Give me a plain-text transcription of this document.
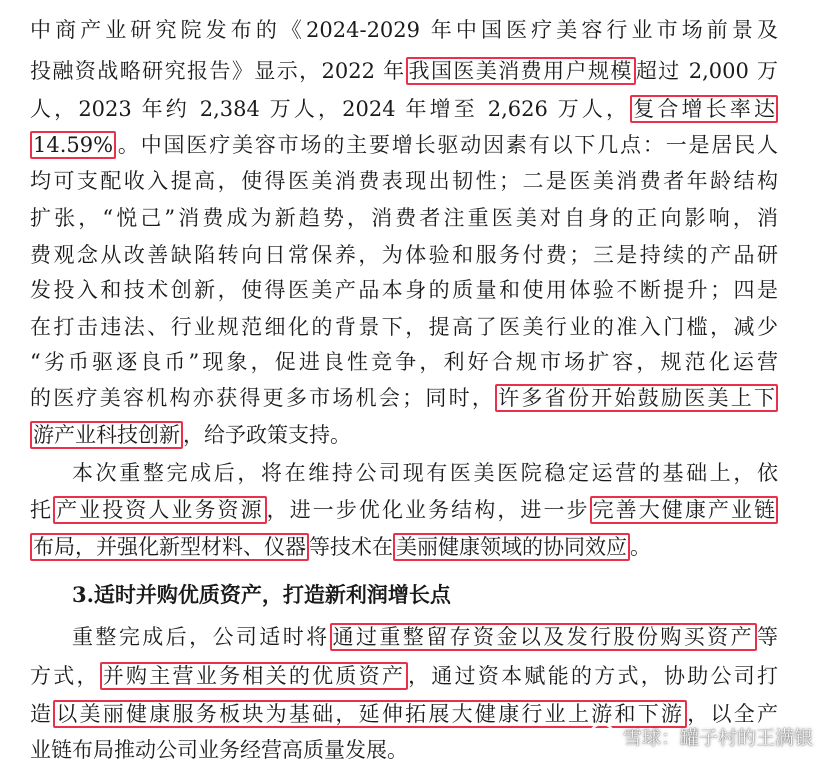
中商产业研究院发布的《2024-2029 年中国医疗美容行业市场前景及
投融资战略研究报告》显示，2022 年 我国医美消费用户规模 超过 2,000 万
人，2023 年约 2,384 万人，2024 年增至 2,626 万人， 复合增长率达
14.59% 。中国医疗美容市场的主要增长驱动因素有以下几点：一是居民人
均可支配收入提高，使得医美消费表现出韧性；二是医美消费者年龄结构
扩张，“悦己”消费成为新趋势，消费者注重医美对自身的正向影响，消
费观念从改善缺陷转向日常保养，为体验和服务付费；三是持续的产品研
发投入和技术创新，使得医美产品本身的质量和使用体验不断提升；四是
在打击违法、行业规范细化的背景下，提高了医美行业的准入门槛，减少
“劣币驱逐良币”现象，促进良性竞争，利好合规市场扩容，规范化运营
的医疗美容机构亦获得更多市场机会；同时， 许多省份开始鼓励医美上下
游产业科技创新 ，给予政策支持。
本次重整完成后，将在维持公司现有医美医院稳定运营的基础上，依
托 产业投资人业务资源 ，进一步优化业务结构，进一步 完善大健康产业链
布局，并强化新型材料、仪器 等技术在 美丽健康领域的协同效应 。
3.适时并购优质资产，打造新利润增长点
重整完成后，公司适时将 通过重整留存资金以及发行股份购买资产 等
方式， 并购主营业务相关的优质资产 ，通过资本赋能的方式，协助公司打
造 以美丽健康服务板块为基础，延伸拓展大健康行业上游和下游 ，以全产
业链布局推动公司业务经营高质量发展。
雪球：罐子村的王满银
